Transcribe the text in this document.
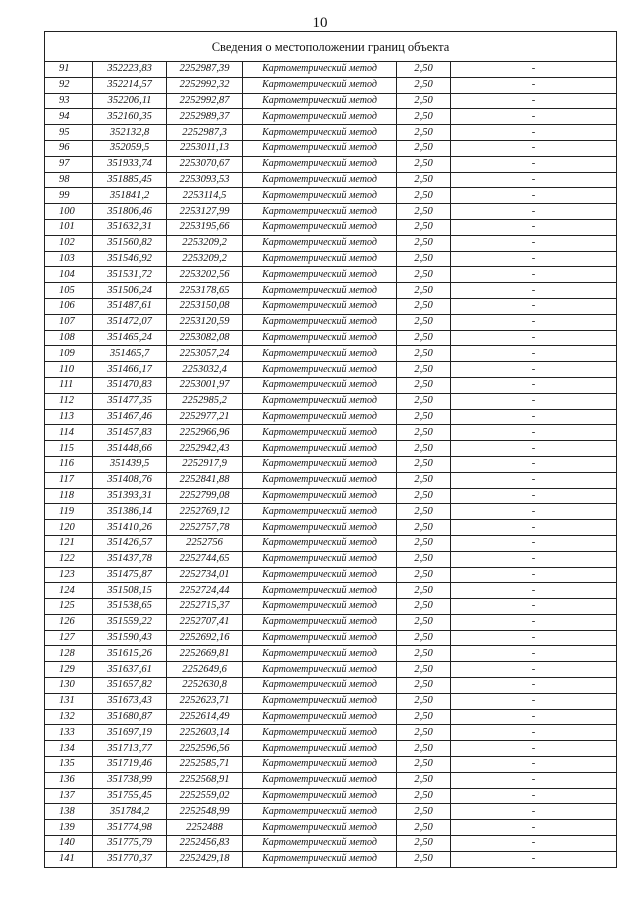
10
Сведения о местоположении границ объекта					
91	352223,83	2252987,39	Картометрический метод	2,50	-
92	352214,57	2252992,32	Картометрический метод	2,50	-
93	352206,11	2252992,87	Картометрический метод	2,50	-
94	352160,35	2252989,37	Картометрический метод	2,50	-
95	352132,8	2252987,3	Картометрический метод	2,50	-
96	352059,5	2253011,13	Картометрический метод	2,50	-
97	351933,74	2253070,67	Картометрический метод	2,50	-
98	351885,45	2253093,53	Картометрический метод	2,50	-
99	351841,2	2253114,5	Картометрический метод	2,50	-
100	351806,46	2253127,99	Картометрический метод	2,50	-
101	351632,31	2253195,66	Картометрический метод	2,50	-
102	351560,82	2253209,2	Картометрический метод	2,50	-
103	351546,92	2253209,2	Картометрический метод	2,50	-
104	351531,72	2253202,56	Картометрический метод	2,50	-
105	351506,24	2253178,65	Картометрический метод	2,50	-
106	351487,61	2253150,08	Картометрический метод	2,50	-
107	351472,07	2253120,59	Картометрический метод	2,50	-
108	351465,24	2253082,08	Картометрический метод	2,50	-
109	351465,7	2253057,24	Картометрический метод	2,50	-
110	351466,17	2253032,4	Картометрический метод	2,50	-
111	351470,83	2253001,97	Картометрический метод	2,50	-
112	351477,35	2252985,2	Картометрический метод	2,50	-
113	351467,46	2252977,21	Картометрический метод	2,50	-
114	351457,83	2252966,96	Картометрический метод	2,50	-
115	351448,66	2252942,43	Картометрический метод	2,50	-
116	351439,5	2252917,9	Картометрический метод	2,50	-
117	351408,76	2252841,88	Картометрический метод	2,50	-
118	351393,31	2252799,08	Картометрический метод	2,50	-
119	351386,14	2252769,12	Картометрический метод	2,50	-
120	351410,26	2252757,78	Картометрический метод	2,50	-
121	351426,57	2252756	Картометрический метод	2,50	-
122	351437,78	2252744,65	Картометрический метод	2,50	-
123	351475,87	2252734,01	Картометрический метод	2,50	-
124	351508,15	2252724,44	Картометрический метод	2,50	-
125	351538,65	2252715,37	Картометрический метод	2,50	-
126	351559,22	2252707,41	Картометрический метод	2,50	-
127	351590,43	2252692,16	Картометрический метод	2,50	-
128	351615,26	2252669,81	Картометрический метод	2,50	-
129	351637,61	2252649,6	Картометрический метод	2,50	-
130	351657,82	2252630,8	Картометрический метод	2,50	-
131	351673,43	2252623,71	Картометрический метод	2,50	-
132	351680,87	2252614,49	Картометрический метод	2,50	-
133	351697,19	2252603,14	Картометрический метод	2,50	-
134	351713,77	2252596,56	Картометрический метод	2,50	-
135	351719,46	2252585,71	Картометрический метод	2,50	-
136	351738,99	2252568,91	Картометрический метод	2,50	-
137	351755,45	2252559,02	Картометрический метод	2,50	-
138	351784,2	2252548,99	Картометрический метод	2,50	-
139	351774,98	2252488	Картометрический метод	2,50	-
140	351775,79	2252456,83	Картометрический метод	2,50	-
141	351770,37	2252429,18	Картометрический метод	2,50	-
